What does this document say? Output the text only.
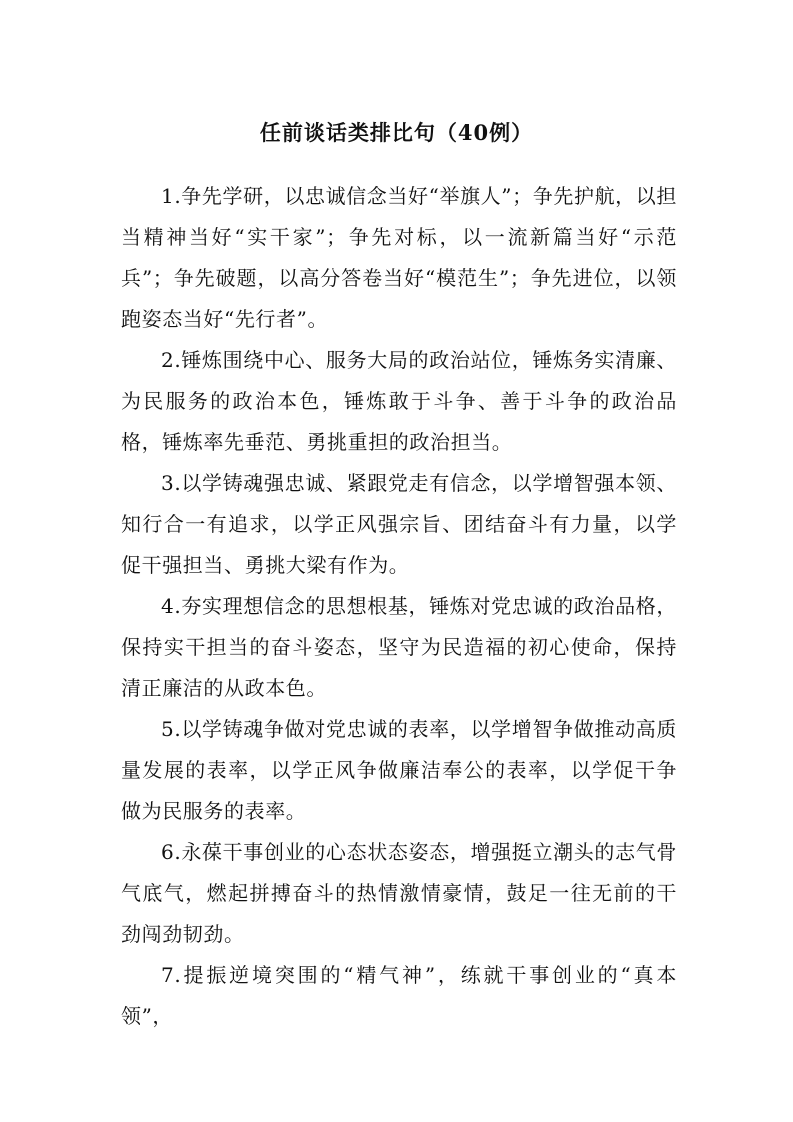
任前谈话类排比句（40例）

1.争先学研，以忠诚信念当好“举旗人”；争先护航，以担当精神当好“实干家”；争先对标，以一流新篇当好“示范兵”；争先破题，以高分答卷当好“模范生”；争先进位，以领跑姿态当好“先行者”。

2.锤炼围绕中心、服务大局的政治站位，锤炼务实清廉、为民服务的政治本色，锤炼敢于斗争、善于斗争的政治品格，锤炼率先垂范、勇挑重担的政治担当。

3.以学铸魂强忠诚、紧跟党走有信念，以学增智强本领、知行合一有追求，以学正风强宗旨、团结奋斗有力量，以学促干强担当、勇挑大梁有作为。

4.夯实理想信念的思想根基，锤炼对党忠诚的政治品格，保持实干担当的奋斗姿态，坚守为民造福的初心使命，保持清正廉洁的从政本色。

5.以学铸魂争做对党忠诚的表率，以学增智争做推动高质量发展的表率，以学正风争做廉洁奉公的表率，以学促干争做为民服务的表率。

6.永葆干事创业的心态状态姿态，增强挺立潮头的志气骨气底气，燃起拼搏奋斗的热情激情豪情，鼓足一往无前的干劲闯劲韧劲。

7.提振逆境突围的“精气神”，练就干事创业的“真本领”，
